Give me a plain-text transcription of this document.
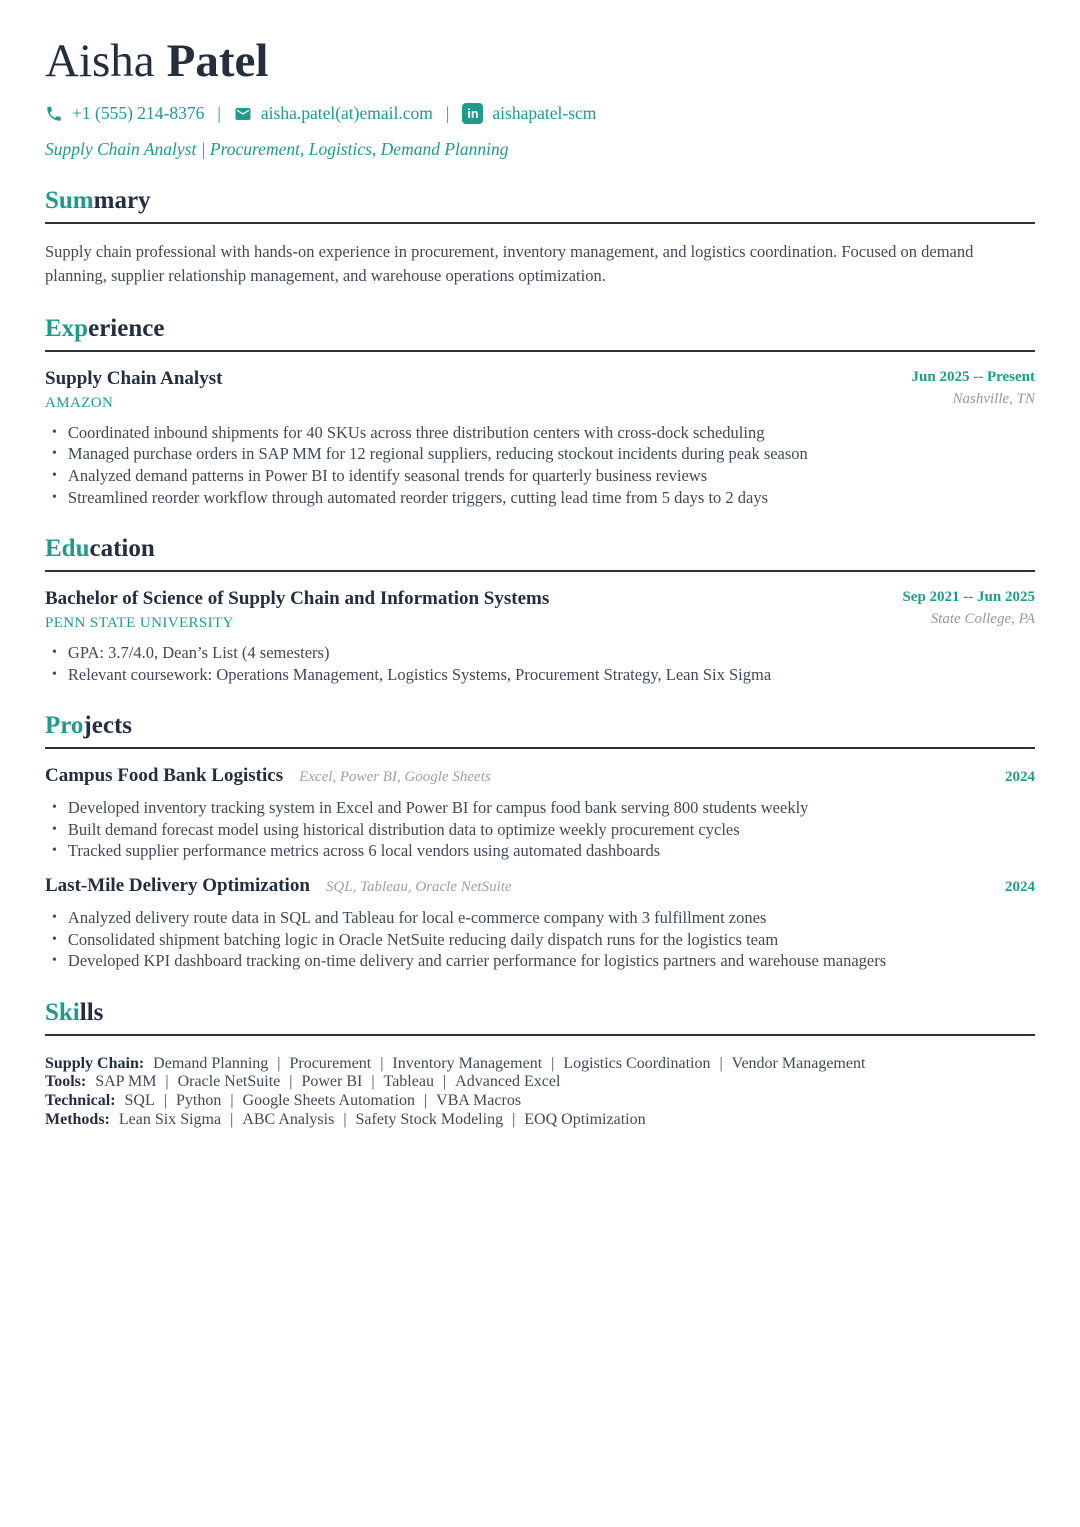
Aisha Patel
+1 (555) 214-8376 | aisha.patel(at)email.com |	in aishapatel-scm
Supply Chain Analyst | Procurement, Logistics, Demand Planning
Summary

Supply chain professional with hands-on experience in procurement, inventory management, and logistics coordination. Focused on demand planning, supplier relationship management, and warehouse operations optimization.

Experience
Supply Chain Analyst
AMAZON
Jun 2025 -- Present
Nashville, TN
• Coordinated inbound shipments for 40 SKUs across three distribution centers with cross-dock scheduling
• Managed purchase orders in SAP MM for 12 regional suppliers, reducing stockout incidents during peak season
• Analyzed demand patterns in Power BI to identify seasonal trends for quarterly business reviews
• Streamlined reorder workflow through automated reorder triggers, cutting lead time from 5 days to 2 days
Education
Bachelor of Science of Supply Chain and Information Systems
PENN STATE UNIVERSITY
Sep 2021 -- Jun 2025
State College, PA
• GPA: 3.7/4.0, Dean’s List (4 semesters)
• Relevant coursework: Operations Management, Logistics Systems, Procurement Strategy, Lean Six Sigma
Projects
Campus Food Bank Logistics Excel, Power BI, Google Sheets	2024
• Developed inventory tracking system in Excel and Power BI for campus food bank serving 800 students weekly
• Built demand forecast model using historical distribution data to optimize weekly procurement cycles
• Tracked supplier performance metrics across 6 local vendors using automated dashboards
Last-Mile Delivery Optimization SQL, Tableau, Oracle NetSuite	2024
• Analyzed delivery route data in SQL and Tableau for local e-commerce company with 3 fulfillment zones
• Consolidated shipment batching logic in Oracle NetSuite reducing daily dispatch runs for the logistics team
• Developed KPI dashboard tracking on-time delivery and carrier performance for logistics partners and warehouse managers
Skills
Supply Chain: Demand Planning | Procurement | Inventory Management | Logistics Coordination | Vendor Management
Tools: SAP MM | Oracle NetSuite | Power BI | Tableau | Advanced Excel
Technical: SQL | Python | Google Sheets Automation | VBA Macros
Methods: Lean Six Sigma | ABC Analysis | Safety Stock Modeling | EOQ Optimization
